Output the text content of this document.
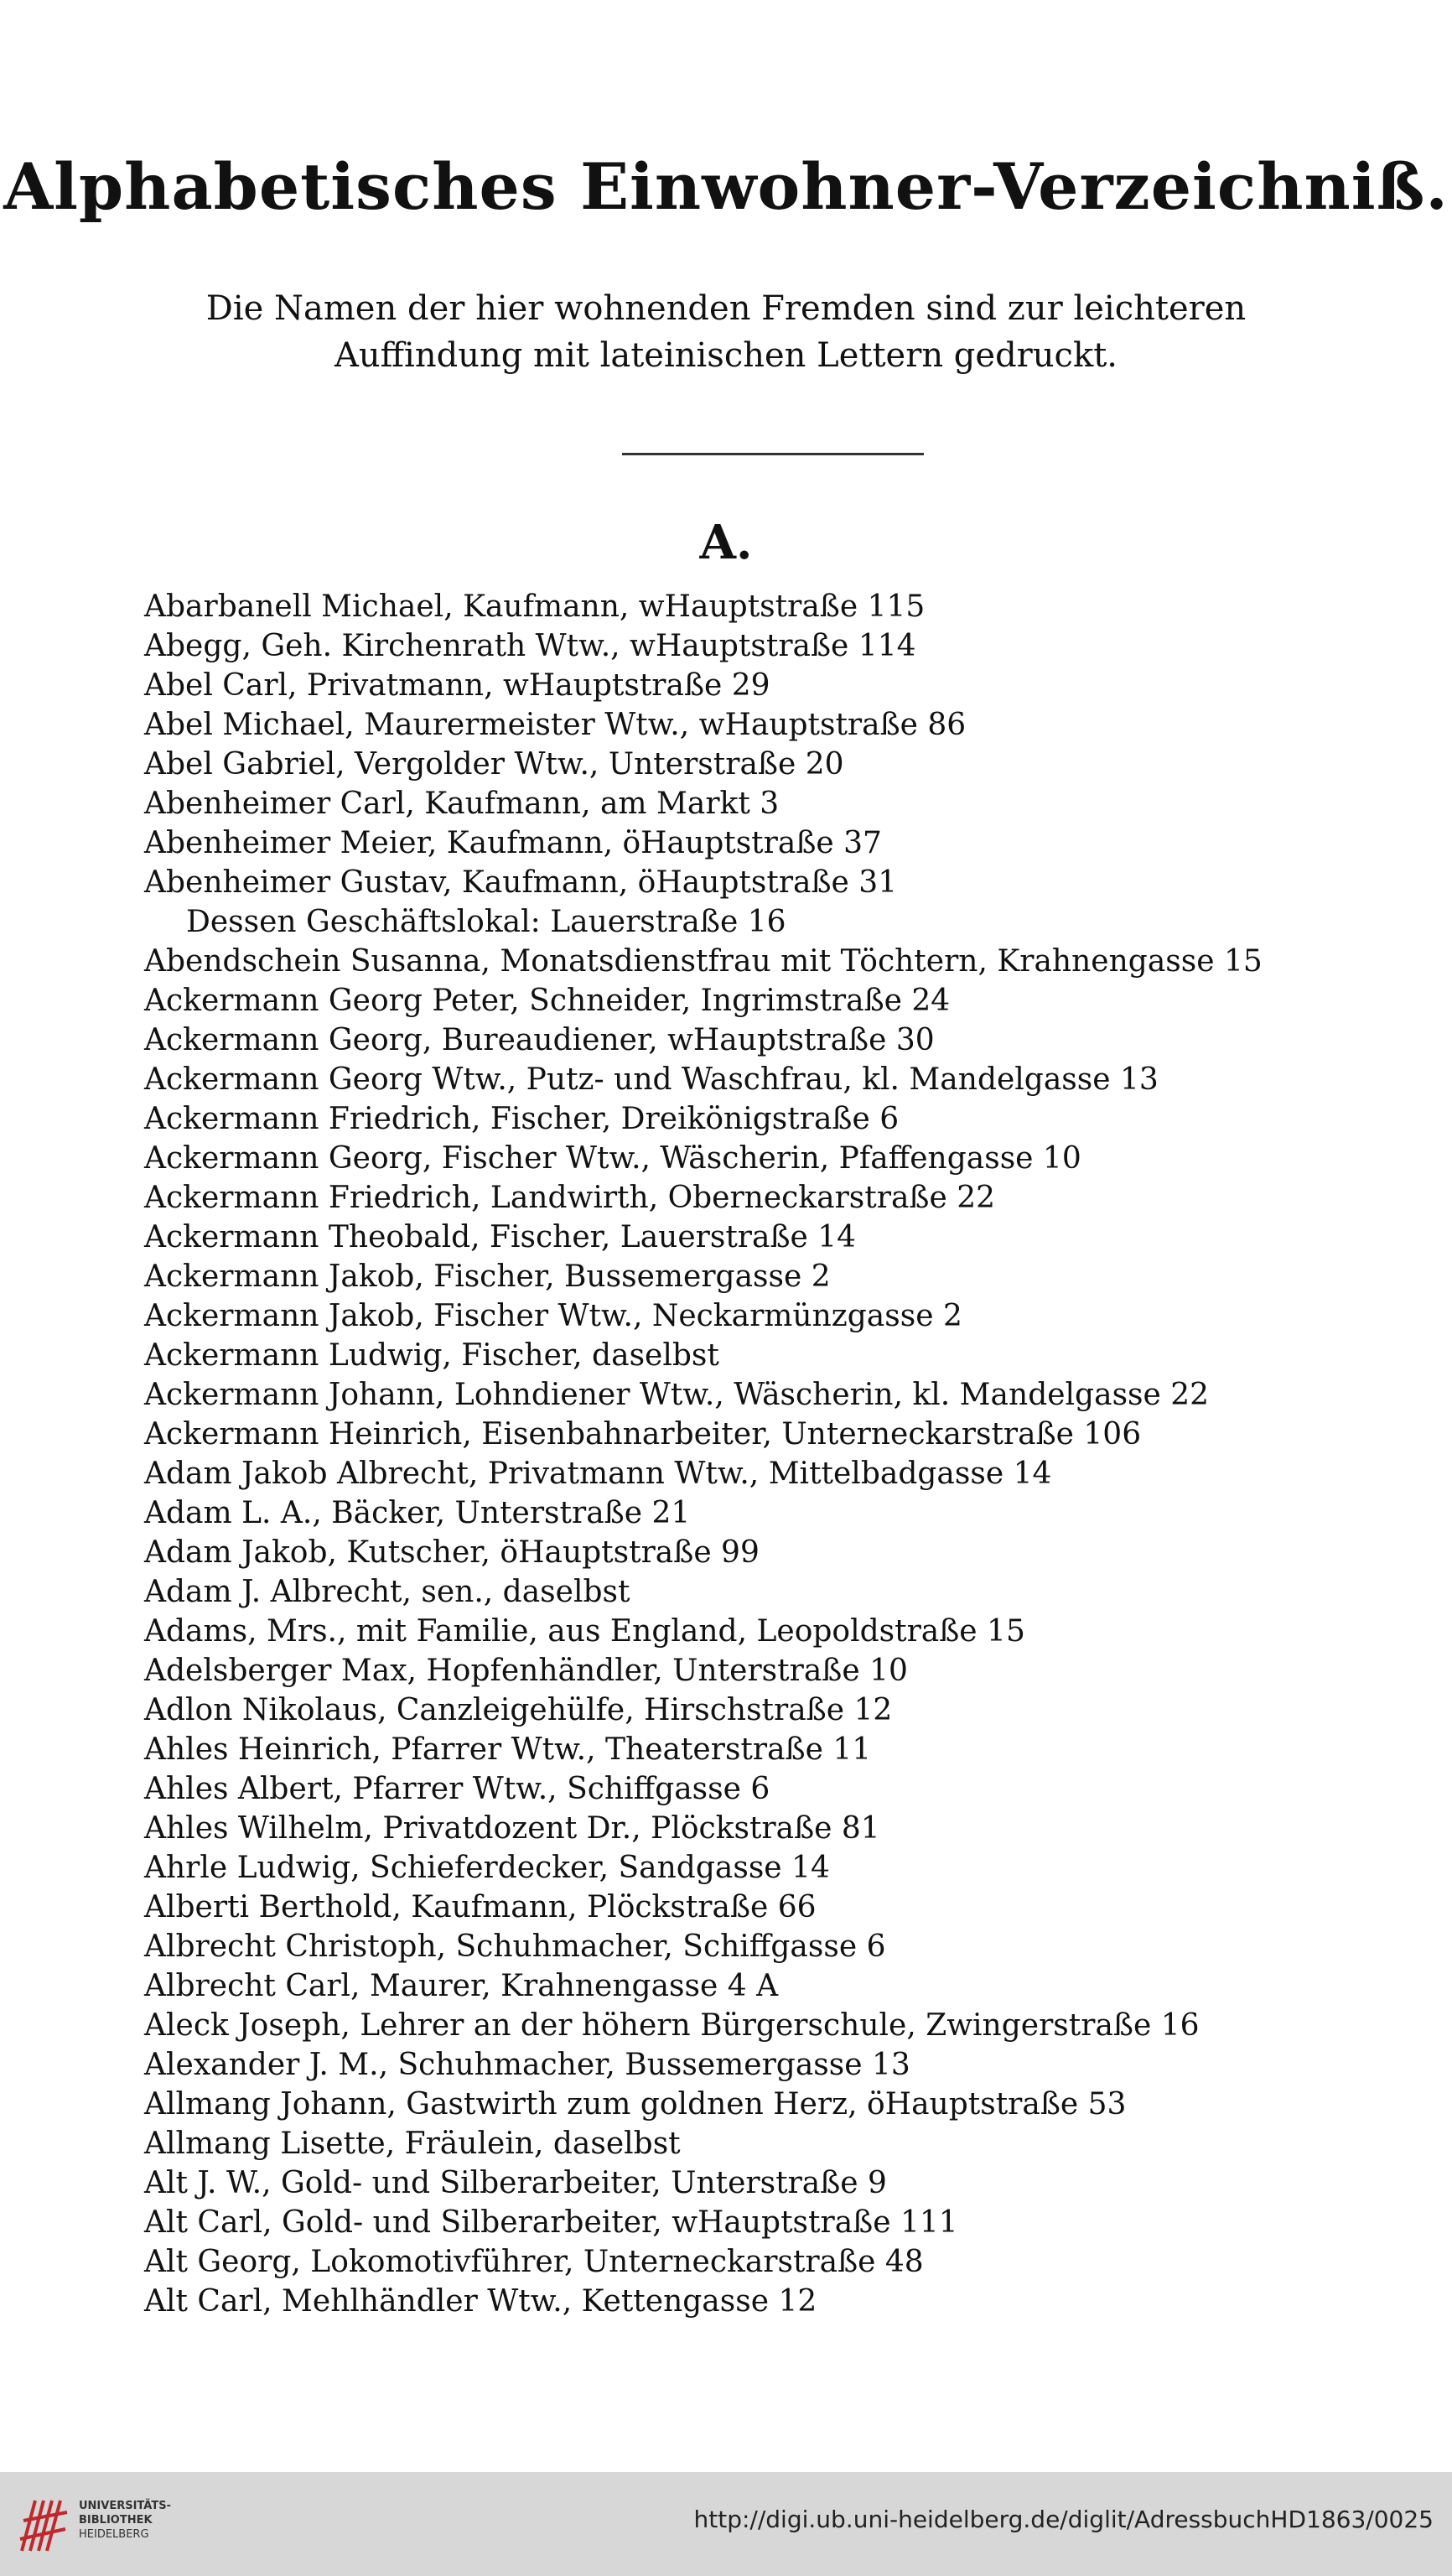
Alphabetisches Einwohner-Verzeichniß.
Die Namen der hier wohnenden Fremden sind zur leichteren
Auffindung mit lateinischen Lettern gedruckt.
A.
Abarbanell Michael, Kaufmann, wHauptstraße 115
Abegg, Geh. Kirchenrath Wtw., wHauptstraße 114
Abel Carl, Privatmann, wHauptstraße 29
Abel Michael, Maurermeister Wtw., wHauptstraße 86
Abel Gabriel, Vergolder Wtw., Unterstraße 20
Abenheimer Carl, Kaufmann, am Markt 3
Abenheimer Meier, Kaufmann, öHauptstraße 37
Abenheimer Gustav, Kaufmann, öHauptstraße 31
Dessen Geschäftslokal: Lauerstraße 16
Abendschein Susanna, Monatsdienstfrau mit Töchtern, Krahnengasse 15
Ackermann Georg Peter, Schneider, Ingrimstraße 24
Ackermann Georg, Bureaudiener, wHauptstraße 30
Ackermann Georg Wtw., Putz- und Waschfrau, kl. Mandelgasse 13
Ackermann Friedrich, Fischer, Dreikönigstraße 6
Ackermann Georg, Fischer Wtw., Wäscherin, Pfaffengasse 10
Ackermann Friedrich, Landwirth, Oberneckarstraße 22
Ackermann Theobald, Fischer, Lauerstraße 14
Ackermann Jakob, Fischer, Bussemergasse 2
Ackermann Jakob, Fischer Wtw., Neckarmünzgasse 2
Ackermann Ludwig, Fischer, daselbst
Ackermann Johann, Lohndiener Wtw., Wäscherin, kl. Mandelgasse 22
Ackermann Heinrich, Eisenbahnarbeiter, Unterneckarstraße 106
Adam Jakob Albrecht, Privatmann Wtw., Mittelbadgasse 14
Adam L. A., Bäcker, Unterstraße 21
Adam Jakob, Kutscher, öHauptstraße 99
Adam J. Albrecht, sen., daselbst
Adams, Mrs., mit Familie, aus England, Leopoldstraße 15
Adelsberger Max, Hopfenhändler, Unterstraße 10
Adlon Nikolaus, Canzleigehülfe, Hirschstraße 12
Ahles Heinrich, Pfarrer Wtw., Theaterstraße 11
Ahles Albert, Pfarrer Wtw., Schiffgasse 6
Ahles Wilhelm, Privatdozent Dr., Plöckstraße 81
Ahrle Ludwig, Schieferdecker, Sandgasse 14
Alberti Berthold, Kaufmann, Plöckstraße 66
Albrecht Christoph, Schuhmacher, Schiffgasse 6
Albrecht Carl, Maurer, Krahnengasse 4 A
Aleck Joseph, Lehrer an der höhern Bürgerschule, Zwingerstraße 16
Alexander J. M., Schuhmacher, Bussemergasse 13
Allmang Johann, Gastwirth zum goldnen Herz, öHauptstraße 53
Allmang Lisette, Fräulein, daselbst
Alt J. W., Gold- und Silberarbeiter, Unterstraße 9
Alt Carl, Gold- und Silberarbeiter, wHauptstraße 111
Alt Georg, Lokomotivführer, Unterneckarstraße 48
Alt Carl, Mehlhändler Wtw., Kettengasse 12
UNIVERSITÄTS-
BIBLIOTHEK
HEIDELBERG
http://digi.ub.uni-heidelberg.de/diglit/AdressbuchHD1863/0025
